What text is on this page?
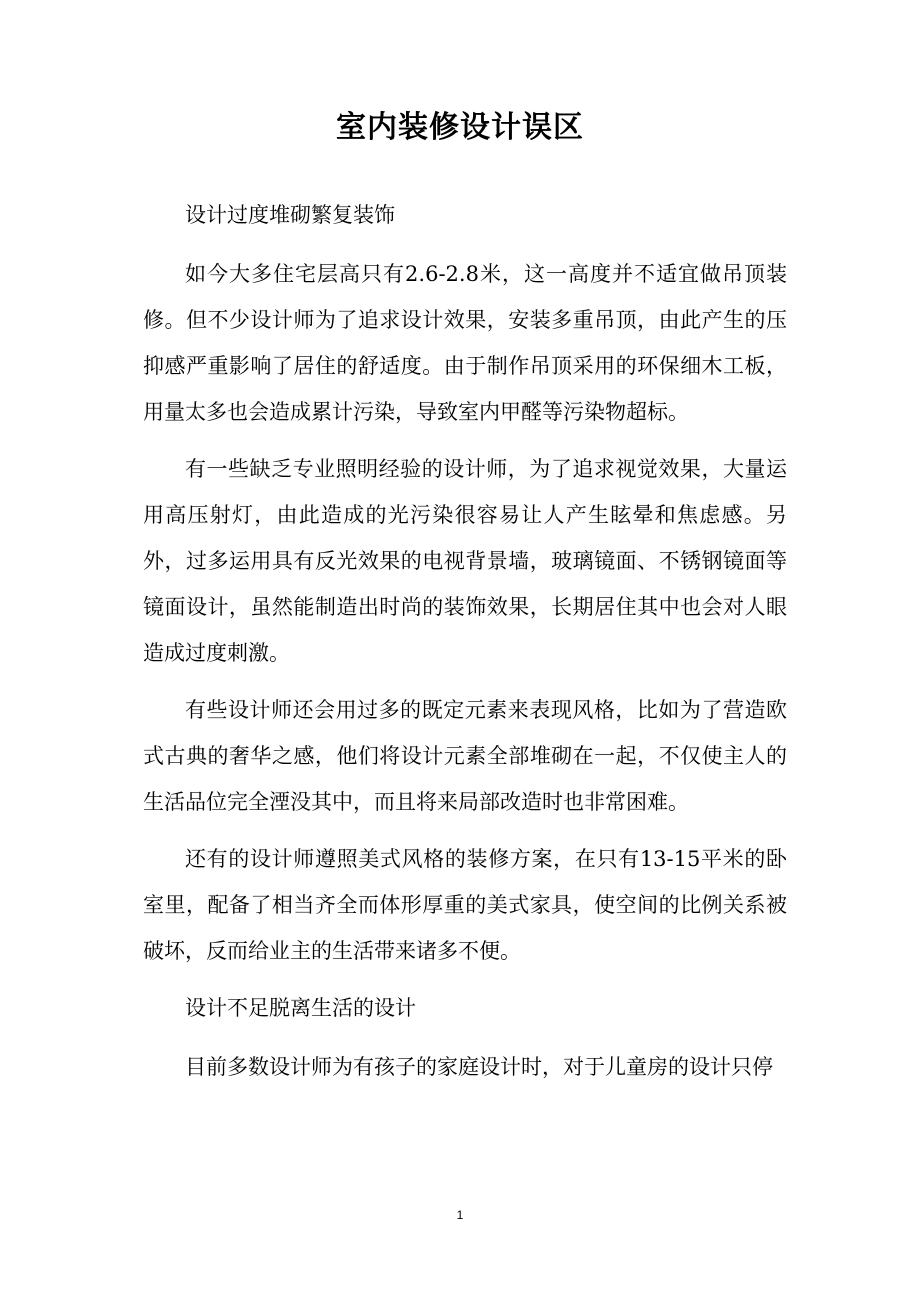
室内装修设计误区

设计过度堆砌繁复装饰

如今大多住宅层高只有2.6-2.8米，这一高度并不适宜做吊顶装修。但不少设计师为了追求设计效果，安装多重吊顶，由此产生的压抑感严重影响了居住的舒适度。由于制作吊顶采用的环保细木工板，用量太多也会造成累计污染，导致室内甲醛等污染物超标。

有一些缺乏专业照明经验的设计师，为了追求视觉效果，大量运用高压射灯，由此造成的光污染很容易让人产生眩晕和焦虑感。另外，过多运用具有反光效果的电视背景墙，玻璃镜面、不锈钢镜面等镜面设计，虽然能制造出时尚的装饰效果，长期居住其中也会对人眼造成过度刺激。

有些设计师还会用过多的既定元素来表现风格，比如为了营造欧式古典的奢华之感，他们将设计元素全部堆砌在一起，不仅使主人的生活品位完全湮没其中，而且将来局部改造时也非常困难。

还有的设计师遵照美式风格的装修方案，在只有13-15平米的卧室里，配备了相当齐全而体形厚重的美式家具，使空间的比例关系被破坏，反而给业主的生活带来诸多不便。

设计不足脱离生活的设计

目前多数设计师为有孩子的家庭设计时，对于儿童房的设计只停

1
